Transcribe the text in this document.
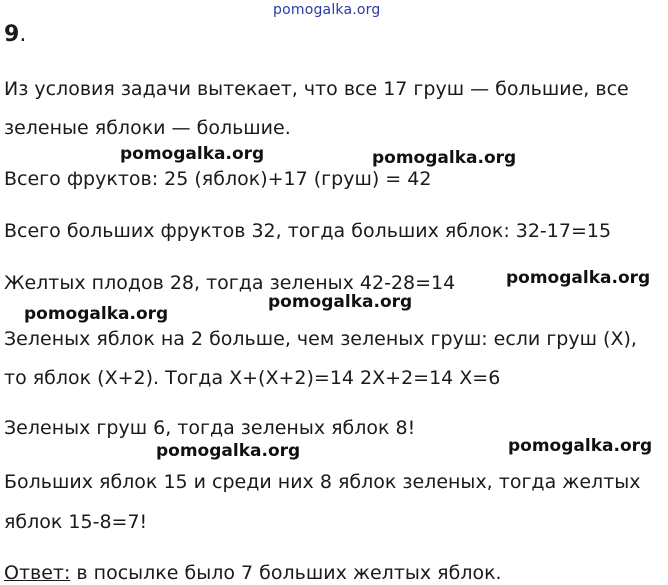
pomogalka.org
9.
Из условия задачи вытекает, что все 17 груш — большие, все
зеленые яблоки — большие.
Всего фруктов: 25 (яблок)+17 (груш) = 42
Всего больших фруктов 32, тогда больших яблок: 32-17=15
Желтых плодов 28, тогда зеленых 42-28=14
Зеленых яблок на 2 больше, чем зеленых груш: если груш (Х),
то яблок (Х+2). Тогда Х+(Х+2)=14 2Х+2=14 Х=6
Зеленых груш 6, тогда зеленых яблок 8!
Больших яблок 15 и среди них 8 яблок зеленых, тогда желтых
яблок 15-8=7!
Ответ: в посылке было 7 больших желтых яблок.
pomogalka.org	pomogalka.org
pomogalka.org
pomogalka.org
pomogalka.org
pomogalka.org
pomogalka.org
